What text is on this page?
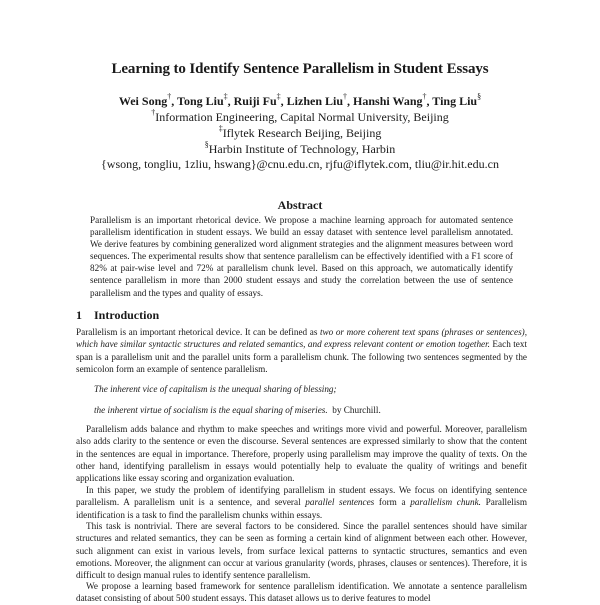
Learning to Identify Sentence Parallelism in Student Essays
Wei Song†, Tong Liu‡, Ruiji Fu‡, Lizhen Liu†, Hanshi Wang†, Ting Liu§
†Information Engineering, Capital Normal University, Beijing
‡Iflytek Research Beijing, Beijing
§Harbin Institute of Technology, Harbin
{wsong, tongliu, 1zliu, hswang}@cnu.edu.cn, rjfu@iflytek.com, tliu@ir.hit.edu.cn
Abstract
Parallelism is an important rhetorical device. We propose a machine learning approach for automated sentence parallelism identification in student essays. We build an essay dataset with sentence level parallelism annotated. We derive features by combining generalized word alignment strategies and the alignment measures between word sequences. The experimental results show that sentence parallelism can be effectively identified with a F1 score of 82% at pair-wise level and 72% at parallelism chunk level. Based on this approach, we automatically identify sentence parallelism in more than 2000 student essays and study the correlation between the use of sentence parallelism and the types and quality of essays.
1 Introduction
Parallelism is an important rhetorical device. It can be defined as two or more coherent text spans (phrases or sentences), which have similar syntactic structures and related semantics, and express relevant content or emotion together. Each text span is a parallelism unit and the parallel units form a parallelism chunk. The following two sentences segmented by the semicolon form an example of sentence parallelism.
The inherent vice of capitalism is the unequal sharing of blessing;
the inherent virtue of socialism is the equal sharing of miseries. by Churchill.
Parallelism adds balance and rhythm to make speeches and writings more vivid and powerful. Moreover, parallelism also adds clarity to the sentence or even the discourse. Several sentences are expressed similarly to show that the content in the sentences are equal in importance. Therefore, properly using parallelism may improve the quality of texts. On the other hand, identifying parallelism in essays would potentially help to evaluate the quality of writings and benefit applications like essay scoring and organization evaluation.
In this paper, we study the problem of identifying parallelism in student essays. We focus on identifying sentence parallelism. A parallelism unit is a sentence, and several parallel sentences form a parallelism chunk. Parallelism identification is a task to find the parallelism chunks within essays.
This task is nontrivial. There are several factors to be considered. Since the parallel sentences should have similar structures and related semantics, they can be seen as forming a certain kind of alignment between each other. However, such alignment can exist in various levels, from surface lexical patterns to syntactic structures, semantics and even emotions. Moreover, the alignment can occur at various granularity (words, phrases, clauses or sentences). Therefore, it is difficult to design manual rules to identify sentence parallelism.
We propose a learning based framework for sentence parallelism identification. We annotate a sentence parallelism dataset consisting of about 500 student essays. This dataset allows us to derive features to model
